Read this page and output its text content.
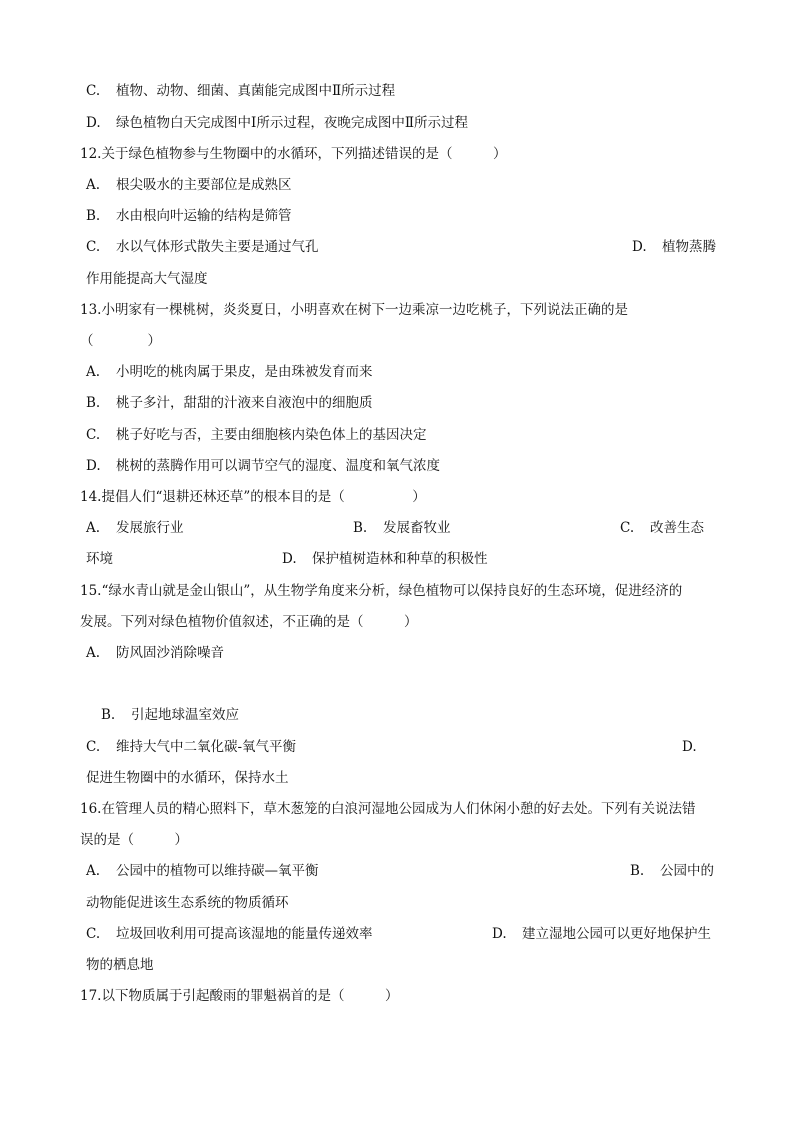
C. 植物、动物、细菌、真菌能完成图中Ⅱ所示过程
D. 绿色植物白天完成图中Ⅰ所示过程，夜晚完成图中Ⅱ所示过程
12.关于绿色植物参与生物圈中的水循环，下列描述错误的是（　　　）
A. 根尖吸水的主要部位是成熟区
B. 水由根向叶运输的结构是筛管
C. 水以气体形式散失主要是通过气孔	D. 植物蒸腾
作用能提高大气湿度
13.小明家有一棵桃树，炎炎夏日，小明喜欢在树下一边乘凉一边吃桃子，下列说法正确的是
（　　　　）
A. 小明吃的桃肉属于果皮，是由珠被发育而来
B. 桃子多汁，甜甜的汁液来自液泡中的细胞质
C. 桃子好吃与否，主要由细胞核内染色体上的基因决定
D. 桃树的蒸腾作用可以调节空气的湿度、温度和氧气浓度
14.提倡人们“退耕还林还草”的根本目的是（　　　　　）
A. 发展旅行业	B. 发展畜牧业	C. 改善生态
环境	D. 保护植树造林和种草的积极性
15.“绿水青山就是金山银山”，从生物学角度来分析，绿色植物可以保持良好的生态环境，促进经济的
发展。下列对绿色植物价值叙述，不正确的是（　　　）
A. 防风固沙消除噪音
B. 引起地球温室效应
C. 维持大气中二氧化碳-氧气平衡	D.
促进生物圈中的水循环，保持水土
16.在管理人员的精心照料下，草木葱笼的白浪河湿地公园成为人们休闲小憩的好去处。下列有关说法错
误的是（　　　）
A. 公园中的植物可以维持碳—氧平衡	B. 公园中的
动物能促进该生态系统的物质循环
C. 垃圾回收利用可提高该湿地的能量传递效率	D. 建立湿地公园可以更好地保护生
物的栖息地
17.以下物质属于引起酸雨的罪魁祸首的是（　　　）
